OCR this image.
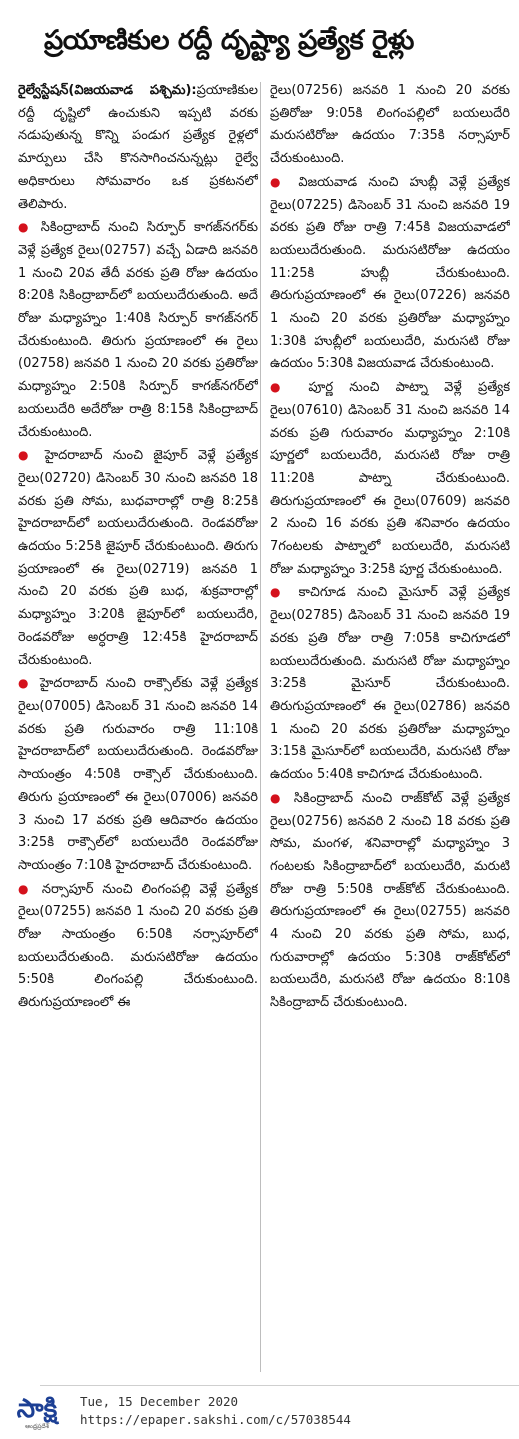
ప్రయాణికుల రద్దీ దృష్ట్యా ప్రత్యేక రైళ్లు

రైల్వేస్టేషన్(విజయవాడ పశ్చిమ):ప్రయాణికుల రద్దీ దృష్టిలో ఉంచుకుని ఇప్పటి వరకు నడుపుతున్న కొన్ని పండుగ ప్రత్యేక రైళ్లలో మార్పులు చేసి కొనసాగించనున్నట్లు రైల్వే అధికారులు సోమవారం ఒక ప్రకటనలో తెలిపారు.

● సికింద్రాబాద్ నుంచి సిర్పూర్ కాగజ్‌నగర్‌కు వెళ్లే ప్రత్యేక రైలు(02757) వచ్చే ఏడాది జనవరి 1 నుంచి 20వ తేదీ వరకు ప్రతి రోజు ఉదయం 8:20కి సికింద్రాబాద్‌లో బయలుదేరుతుంది. అదే రోజు మధ్యాహ్నం 1:40కి సిర్పూర్ కాగజ్‌నగర్ చేరుకుంటుంది. తిరుగు ప్రయాణంలో ఈ రైలు (02758) జనవరి 1 నుంచి 20 వరకు ప్రతిరోజు మధ్యాహ్నం 2:50కి సిర్పూర్ కాగజ్‌నగర్‌లో బయలుదేరి అదేరోజు రాత్రి 8:15కి సికింద్రాబాద్ చేరుకుంటుంది.

● హైదరాబాద్ నుంచి జైపూర్ వెళ్లే ప్రత్యేక రైలు(02720) డిసెంబర్ 30 నుంచి జనవరి 18 వరకు ప్రతి సోమ, బుధవారాల్లో రాత్రి 8:25కి హైదరాబాద్‌లో బయలుదేరుతుంది. రెండవరోజు ఉదయం 5:25కి జైపూర్ చేరుకుంటుంది. తిరుగు ప్రయాణంలో ఈ రైలు(02719) జనవరి 1 నుంచి 20 వరకు ప్రతి బుధ, శుక్రవారాల్లో మధ్యాహ్నం 3:20కి జైపూర్‌లో బయలుదేరి, రెండవరోజు అర్ధరాత్రి 12:45కి హైదరాబాద్ చేరుకుంటుంది.

● హైదరాబాద్ నుంచి రాక్సౌల్‌కు వెళ్లే ప్రత్యేక రైలు(07005) డిసెంబర్ 31 నుంచి జనవరి 14 వరకు ప్రతి గురువారం రాత్రి 11:10కి హైదరాబాద్‌లో బయలుదేరుతుంది. రెండవరోజు సాయంత్రం 4:50కి రాక్సౌల్ చేరుకుంటుంది. తిరుగు ప్రయాణంలో ఈ రైలు(07006) జనవరి 3 నుంచి 17 వరకు ప్రతి ఆదివారం ఉదయం 3:25కి రాక్సౌల్‌లో బయలుదేరి రెండవరోజు సాయంత్రం 7:10కి హైదరాబాద్ చేరుకుంటుంది.

● నర్సాపూర్ నుంచి లింగంపల్లి వెళ్లే ప్రత్యేక రైలు(07255) జనవరి 1 నుంచి 20 వరకు ప్రతి రోజు సాయంత్రం 6:50కి నర్సాపూర్‌లో బయలుదేరుతుంది. మరుసటిరోజు ఉదయం 5:50కి లింగంపల్లి చేరుకుంటుంది. తిరుగుప్రయాణంలో ఈ

రైలు(07256) జనవరి 1 నుంచి 20 వరకు ప్రతిరోజు 9:05కి లింగంపల్లిలో బయలుదేరి మరుసటిరోజు ఉదయం 7:35కి నర్సాపూర్ చేరుకుంటుంది.

● విజయవాడ నుంచి హుబ్లీ వెళ్లే ప్రత్యేక రైలు(07225) డిసెంబర్ 31 నుంచి జనవరి 19 వరకు ప్రతి రోజు రాత్రి 7:45కి విజయవాడలో బయలుదేరుతుంది. మరుసటిరోజు ఉదయం 11:25కి హుబ్లీ చేరుకుంటుంది. తిరుగుప్రయాణంలో ఈ రైలు(07226) జనవరి 1 నుంచి 20 వరకు ప్రతిరోజు మధ్యాహ్నం 1:30కి హుబ్లీలో బయలుదేరి, మరుసటి రోజు ఉదయం 5:30కి విజయవాడ చేరుకుంటుంది.

● పూర్ణ నుంచి పాట్నా వెళ్లే ప్రత్యేక రైలు(07610) డిసెంబర్ 31 నుంచి జనవరి 14 వరకు ప్రతి గురువారం మధ్యాహ్నం 2:10కి పూర్ణలో బయలుదేరి, మరుసటి రోజు రాత్రి 11:20కి పాట్నా చేరుకుంటుంది. తిరుగుప్రయాణంలో ఈ రైలు(07609) జనవరి 2 నుంచి 16 వరకు ప్రతి శనివారం ఉదయం 7గంటలకు పాట్నాలో బయలుదేరి, మరుసటి రోజు మధ్యాహ్నం 3:25కి పూర్ణ చేరుకుంటుంది.

● కాచిగూడ నుంచి మైసూర్ వెళ్లే ప్రత్యేక రైలు(02785) డిసెంబర్ 31 నుంచి జనవరి 19 వరకు ప్రతి రోజు రాత్రి 7:05కి కాచిగూడలో బయలుదేరుతుంది. మరుసటి రోజు మధ్యాహ్నం 3:25కి మైసూర్ చేరుకుంటుంది. తిరుగుప్రయాణంలో ఈ రైలు(02786) జనవరి 1 నుంచి 20 వరకు ప్రతిరోజు మధ్యాహ్నం 3:15కి మైసూర్‌లో బయలుదేరి, మరుసటి రోజు ఉదయం 5:40కి కాచిగూడ చేరుకుంటుంది.

● సికింద్రాబాద్ నుంచి రాజ్‌కోట్ వెళ్లే ప్రత్యేక రైలు(02756) జనవరి 2 నుంచి 18 వరకు ప్రతి సోమ, మంగళ, శనివారాల్లో మధ్యాహ్నం 3 గంటలకు సికింద్రాబాద్‌లో బయలుదేరి, మరుటి రోజు రాత్రి 5:50కి రాజ్‌కోట్ చేరుకుంటుంది. తిరుగుప్రయాణంలో ఈ రైలు(02755) జనవరి 4 నుంచి 20 వరకు ప్రతి సోమ, బుధ, గురువారాల్లో ఉదయం 5:30కి రాజ్‌కోట్‌లో బయలుదేరి, మరుసటి రోజు ఉదయం 8:10కి సికింద్రాబాద్ చేరుకుంటుంది.

సాక్షి
ఆంధ్రప్రదేశ్
Tue, 15 December 2020
https://epaper.sakshi.com/c/57038544
